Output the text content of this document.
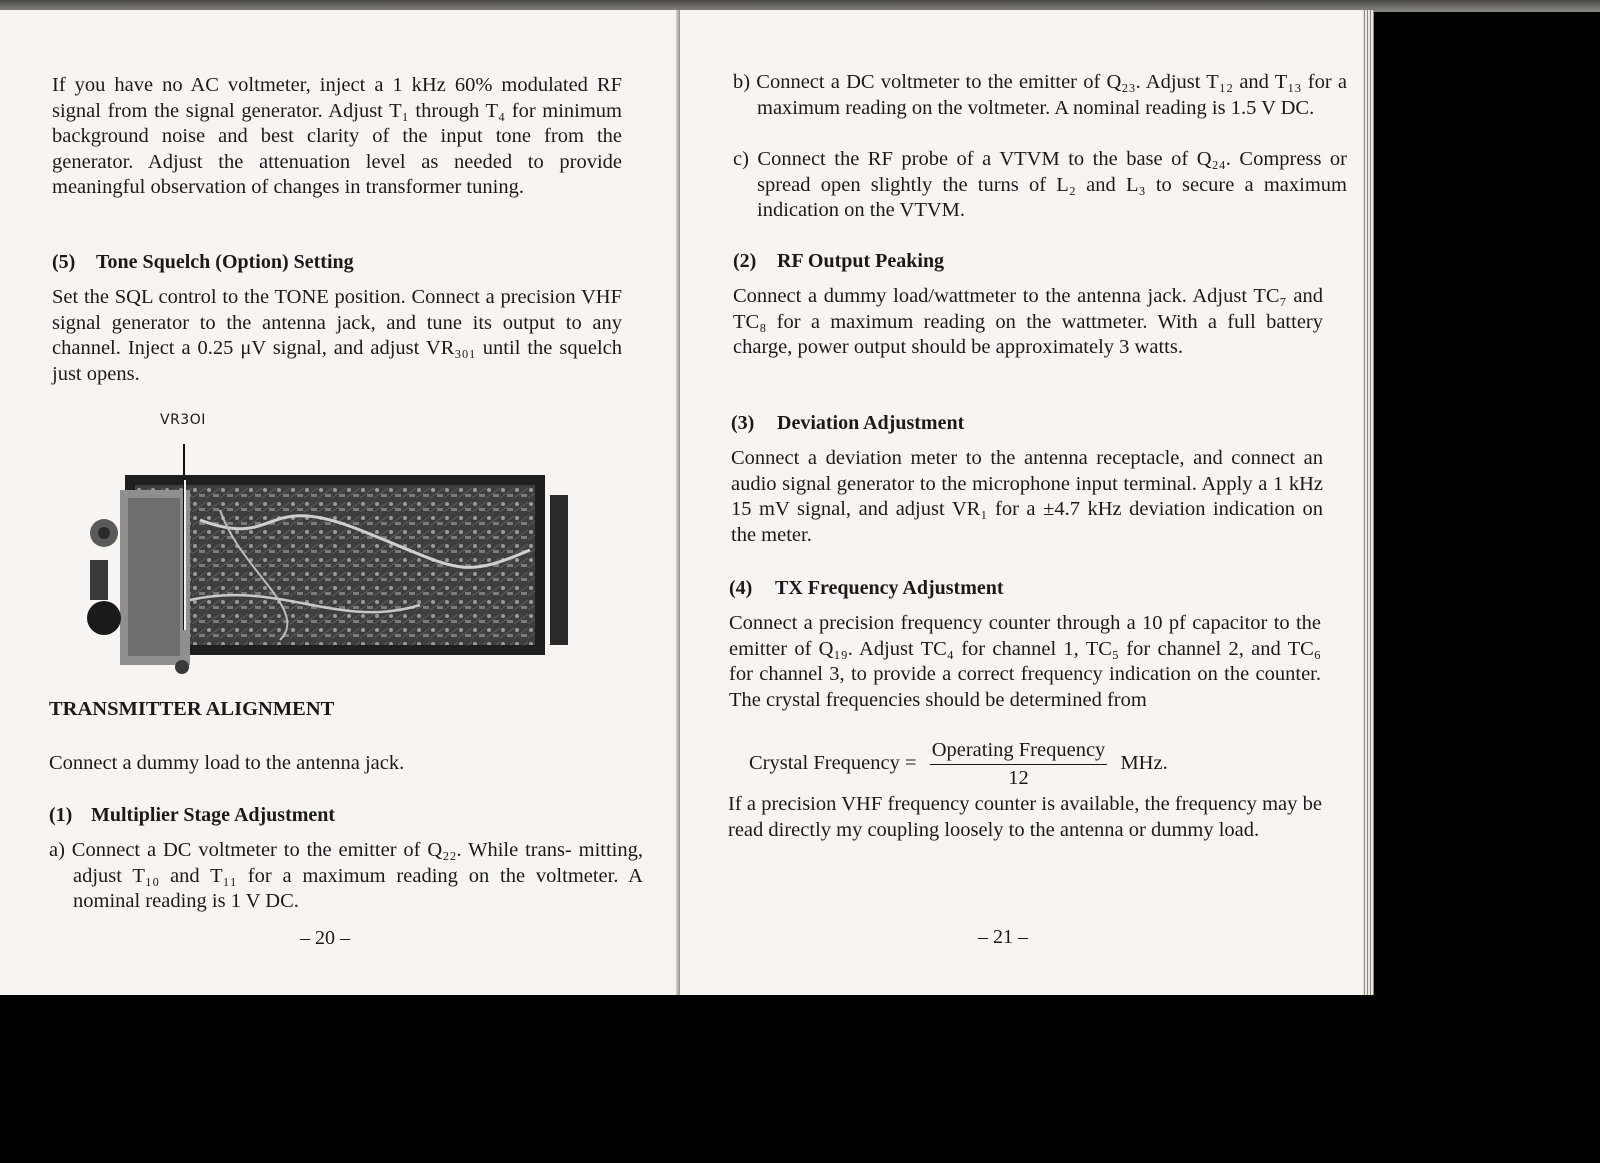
If you have no AC voltmeter, inject a 1 kHz 60% modulated RF signal from the signal generator. Adjust T₁ through T₄ for minimum background noise and best clarity of the input tone from the generator. Adjust the attenuation level as needed to provide meaningful observation of changes in transformer tuning.

(5) Tone Squelch (Option) Setting

Set the SQL control to the TONE position. Connect a precision VHF signal generator to the antenna jack, and tune its output to any channel. Inject a 0.25 μV signal, and adjust VR₃₀₁ until the squelch just opens.

VR3OI

TRANSMITTER ALIGNMENT

Connect a dummy load to the antenna jack.

(1) Multiplier Stage Adjustment

a) Connect a DC voltmeter to the emitter of Q₂₂. While trans- mitting, adjust T₁₀ and T₁₁ for a maximum reading on the voltmeter. A nominal reading is 1 V DC.

– 20 –

b) Connect a DC voltmeter to the emitter of Q₂₃. Adjust T₁₂ and T₁₃ for a maximum reading on the voltmeter. A nominal reading is 1.5 V DC.

c) Connect the RF probe of a VTVM to the base of Q₂₄. Compress or spread open slightly the turns of L₂ and L₃ to secure a maximum indication on the VTVM.

(2) RF Output Peaking

Connect a dummy load/wattmeter to the antenna jack. Adjust TC₇ and TC₈ for a maximum reading on the wattmeter. With a full battery charge, power output should be approximately 3 watts.

(3) Deviation Adjustment

Connect a deviation meter to the antenna receptacle, and connect an audio signal generator to the microphone input terminal. Apply a 1 kHz 15 mV signal, and adjust VR₁ for a ±4.7 kHz deviation indication on the meter.

(4) TX Frequency Adjustment

Connect a precision frequency counter through a 10 pf capacitor to the emitter of Q₁₉. Adjust TC₄ for channel 1, TC₅ for channel 2, and TC₆ for channel 3, to provide a correct frequency indication on the counter. The crystal frequencies should be determined from

Crystal Frequency = $\frac{\text{Operating Frequency}}{12}$ MHz.

If a precision VHF frequency counter is available, the frequency may be read directly my coupling loosely to the antenna or dummy load.

– 21 –
